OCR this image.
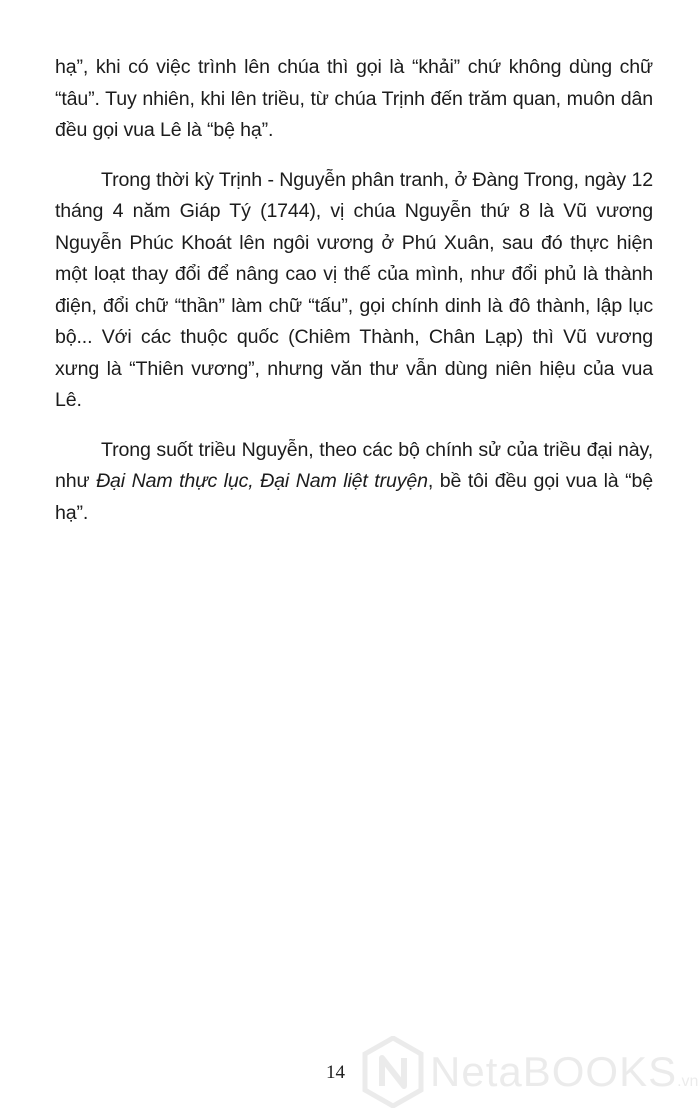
hạ”, khi có việc trình lên chúa thì gọi là “khải” chứ không dùng chữ “tâu”. Tuy nhiên, khi lên triều, từ chúa Trịnh đến trăm quan, muôn dân đều gọi vua Lê là “bệ hạ”.

Trong thời kỳ Trịnh - Nguyễn phân tranh, ở Đàng Trong, ngày 12 tháng 4 năm Giáp Tý (1744), vị chúa Nguyễn thứ 8 là Vũ vương Nguyễn Phúc Khoát lên ngôi vương ở Phú Xuân, sau đó thực hiện một loạt thay đổi để nâng cao vị thế của mình, như đổi phủ là thành điện, đổi chữ “thần” làm chữ “tấu”, gọi chính dinh là đô thành, lập lục bộ... Với các thuộc quốc (Chiêm Thành, Chân Lạp) thì Vũ vương xưng là “Thiên vương”, nhưng văn thư vẫn dùng niên hiệu của vua Lê.

Trong suốt triều Nguyễn, theo các bộ chính sử của triều đại này, như Đại Nam thực lục, Đại Nam liệt truyện, bề tôi đều gọi vua là “bệ hạ”.

14 NetaBOOKS.vn
